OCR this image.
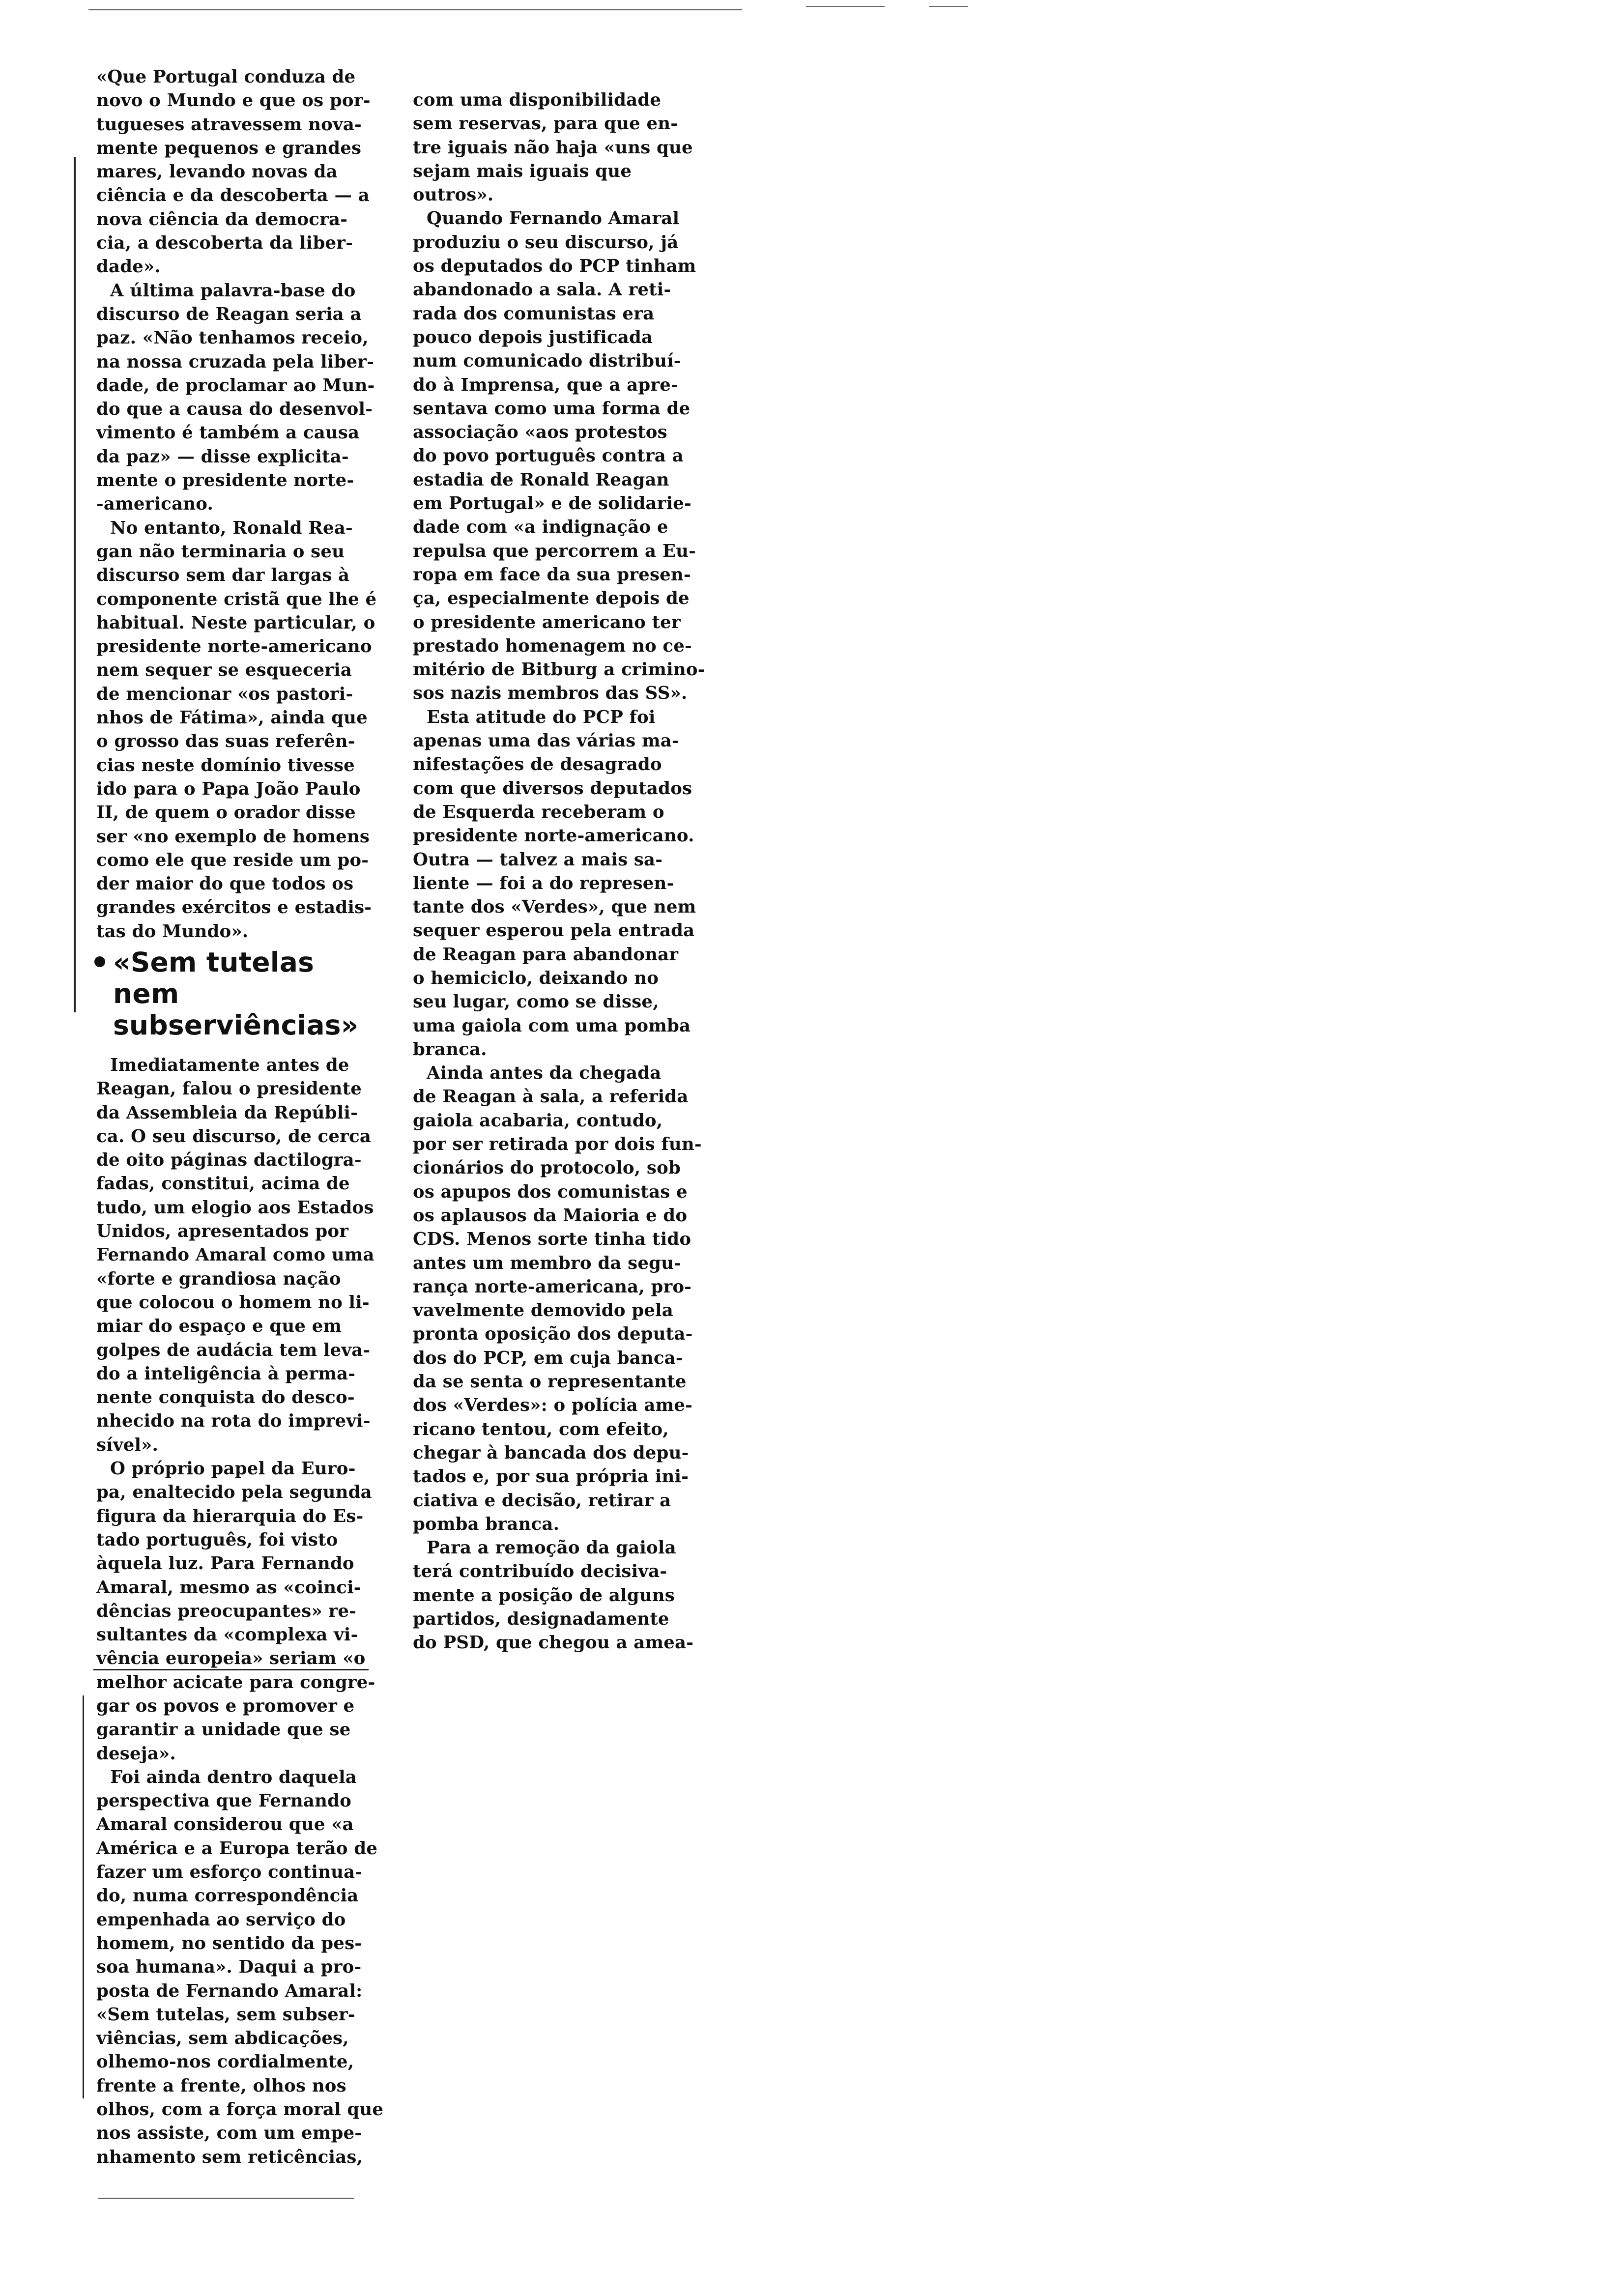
«Que Portugal conduza de
novo o Mundo e que os por-
tugueses atravessem nova-
mente pequenos e grandes
mares, levando novas da
ciência e da descoberta — a
nova ciência da democra-
cia, a descoberta da liber-
dade».

A última palavra-base do
discurso de Reagan seria a
paz. «Não tenhamos receio,
na nossa cruzada pela liber-
dade, de proclamar ao Mun-
do que a causa do desenvol-
vimento é também a causa
da paz» — disse explicita-
mente o presidente norte-
-americano.

No entanto, Ronald Rea-
gan não terminaria o seu
discurso sem dar largas à
componente cristã que lhe é
habitual. Neste particular, o
presidente norte-americano
nem sequer se esqueceria
de mencionar «os pastori-
nhos de Fátima», ainda que
o grosso das suas referên-
cias neste domínio tivesse
ido para o Papa João Paulo
II, de quem o orador disse
ser «no exemplo de homens
como ele que reside um po-
der maior do que todos os
grandes exércitos e estadis-
tas do Mundo».

«Sem tutelas
nem
subserviências»

Imediatamente antes de
Reagan, falou o presidente
da Assembleia da Repúbli-
ca. O seu discurso, de cerca
de oito páginas dactilogra-
fadas, constitui, acima de
tudo, um elogio aos Estados
Unidos, apresentados por
Fernando Amaral como uma
«forte e grandiosa nação
que colocou o homem no li-
miar do espaço e que em
golpes de audácia tem leva-
do a inteligência à perma-
nente conquista do desco-
nhecido na rota do imprevi-
sível».

O próprio papel da Euro-
pa, enaltecido pela segunda
figura da hierarquia do Es-
tado português, foi visto
àquela luz. Para Fernando
Amaral, mesmo as «coinci-
dências preocupantes» re-
sultantes da «complexa vi-
vência europeia» seriam «o
melhor acicate para congre-
gar os povos e promover e
garantir a unidade que se
deseja».

Foi ainda dentro daquela
perspectiva que Fernando
Amaral considerou que «a
América e a Europa terão de
fazer um esforço continua-
do, numa correspondência
empenhada ao serviço do
homem, no sentido da pes-
soa humana». Daqui a pro-
posta de Fernando Amaral:
«Sem tutelas, sem subser-
viências, sem abdicações,
olhemo-nos cordialmente,
frente a frente, olhos nos
olhos, com a força moral que
nos assiste, com um empe-
nhamento sem reticências,

com uma disponibilidade
sem reservas, para que en-
tre iguais não haja «uns que
sejam mais iguais que
outros».

Quando Fernando Amaral
produziu o seu discurso, já
os deputados do PCP tinham
abandonado a sala. A reti-
rada dos comunistas era
pouco depois justificada
num comunicado distribuí-
do à Imprensa, que a apre-
sentava como uma forma de
associação «aos protestos
do povo português contra a
estadia de Ronald Reagan
em Portugal» e de solidarie-
dade com «a indignação e
repulsa que percorrem a Eu-
ropa em face da sua presen-
ça, especialmente depois de
o presidente americano ter
prestado homenagem no ce-
mitério de Bitburg a crimino-
sos nazis membros das SS».

Esta atitude do PCP foi
apenas uma das várias ma-
nifestações de desagrado
com que diversos deputados
de Esquerda receberam o
presidente norte-americano.
Outra — talvez a mais sa-
liente — foi a do represen-
tante dos «Verdes», que nem
sequer esperou pela entrada
de Reagan para abandonar
o hemiciclo, deixando no
seu lugar, como se disse,
uma gaiola com uma pomba
branca.

Ainda antes da chegada
de Reagan à sala, a referida
gaiola acabaria, contudo,
por ser retirada por dois fun-
cionários do protocolo, sob
os apupos dos comunistas e
os aplausos da Maioria e do
CDS. Menos sorte tinha tido
antes um membro da segu-
rança norte-americana, pro-
vavelmente demovido pela
pronta oposição dos deputa-
dos do PCP, em cuja banca-
da se senta o representante
dos «Verdes»: o polícia ame-
ricano tentou, com efeito,
chegar à bancada dos depu-
tados e, por sua própria ini-
ciativa e decisão, retirar a
pomba branca.

Para a remoção da gaiola
terá contribuído decisiva-
mente a posição de alguns
partidos, designadamente
do PSD, que chegou a amea-
